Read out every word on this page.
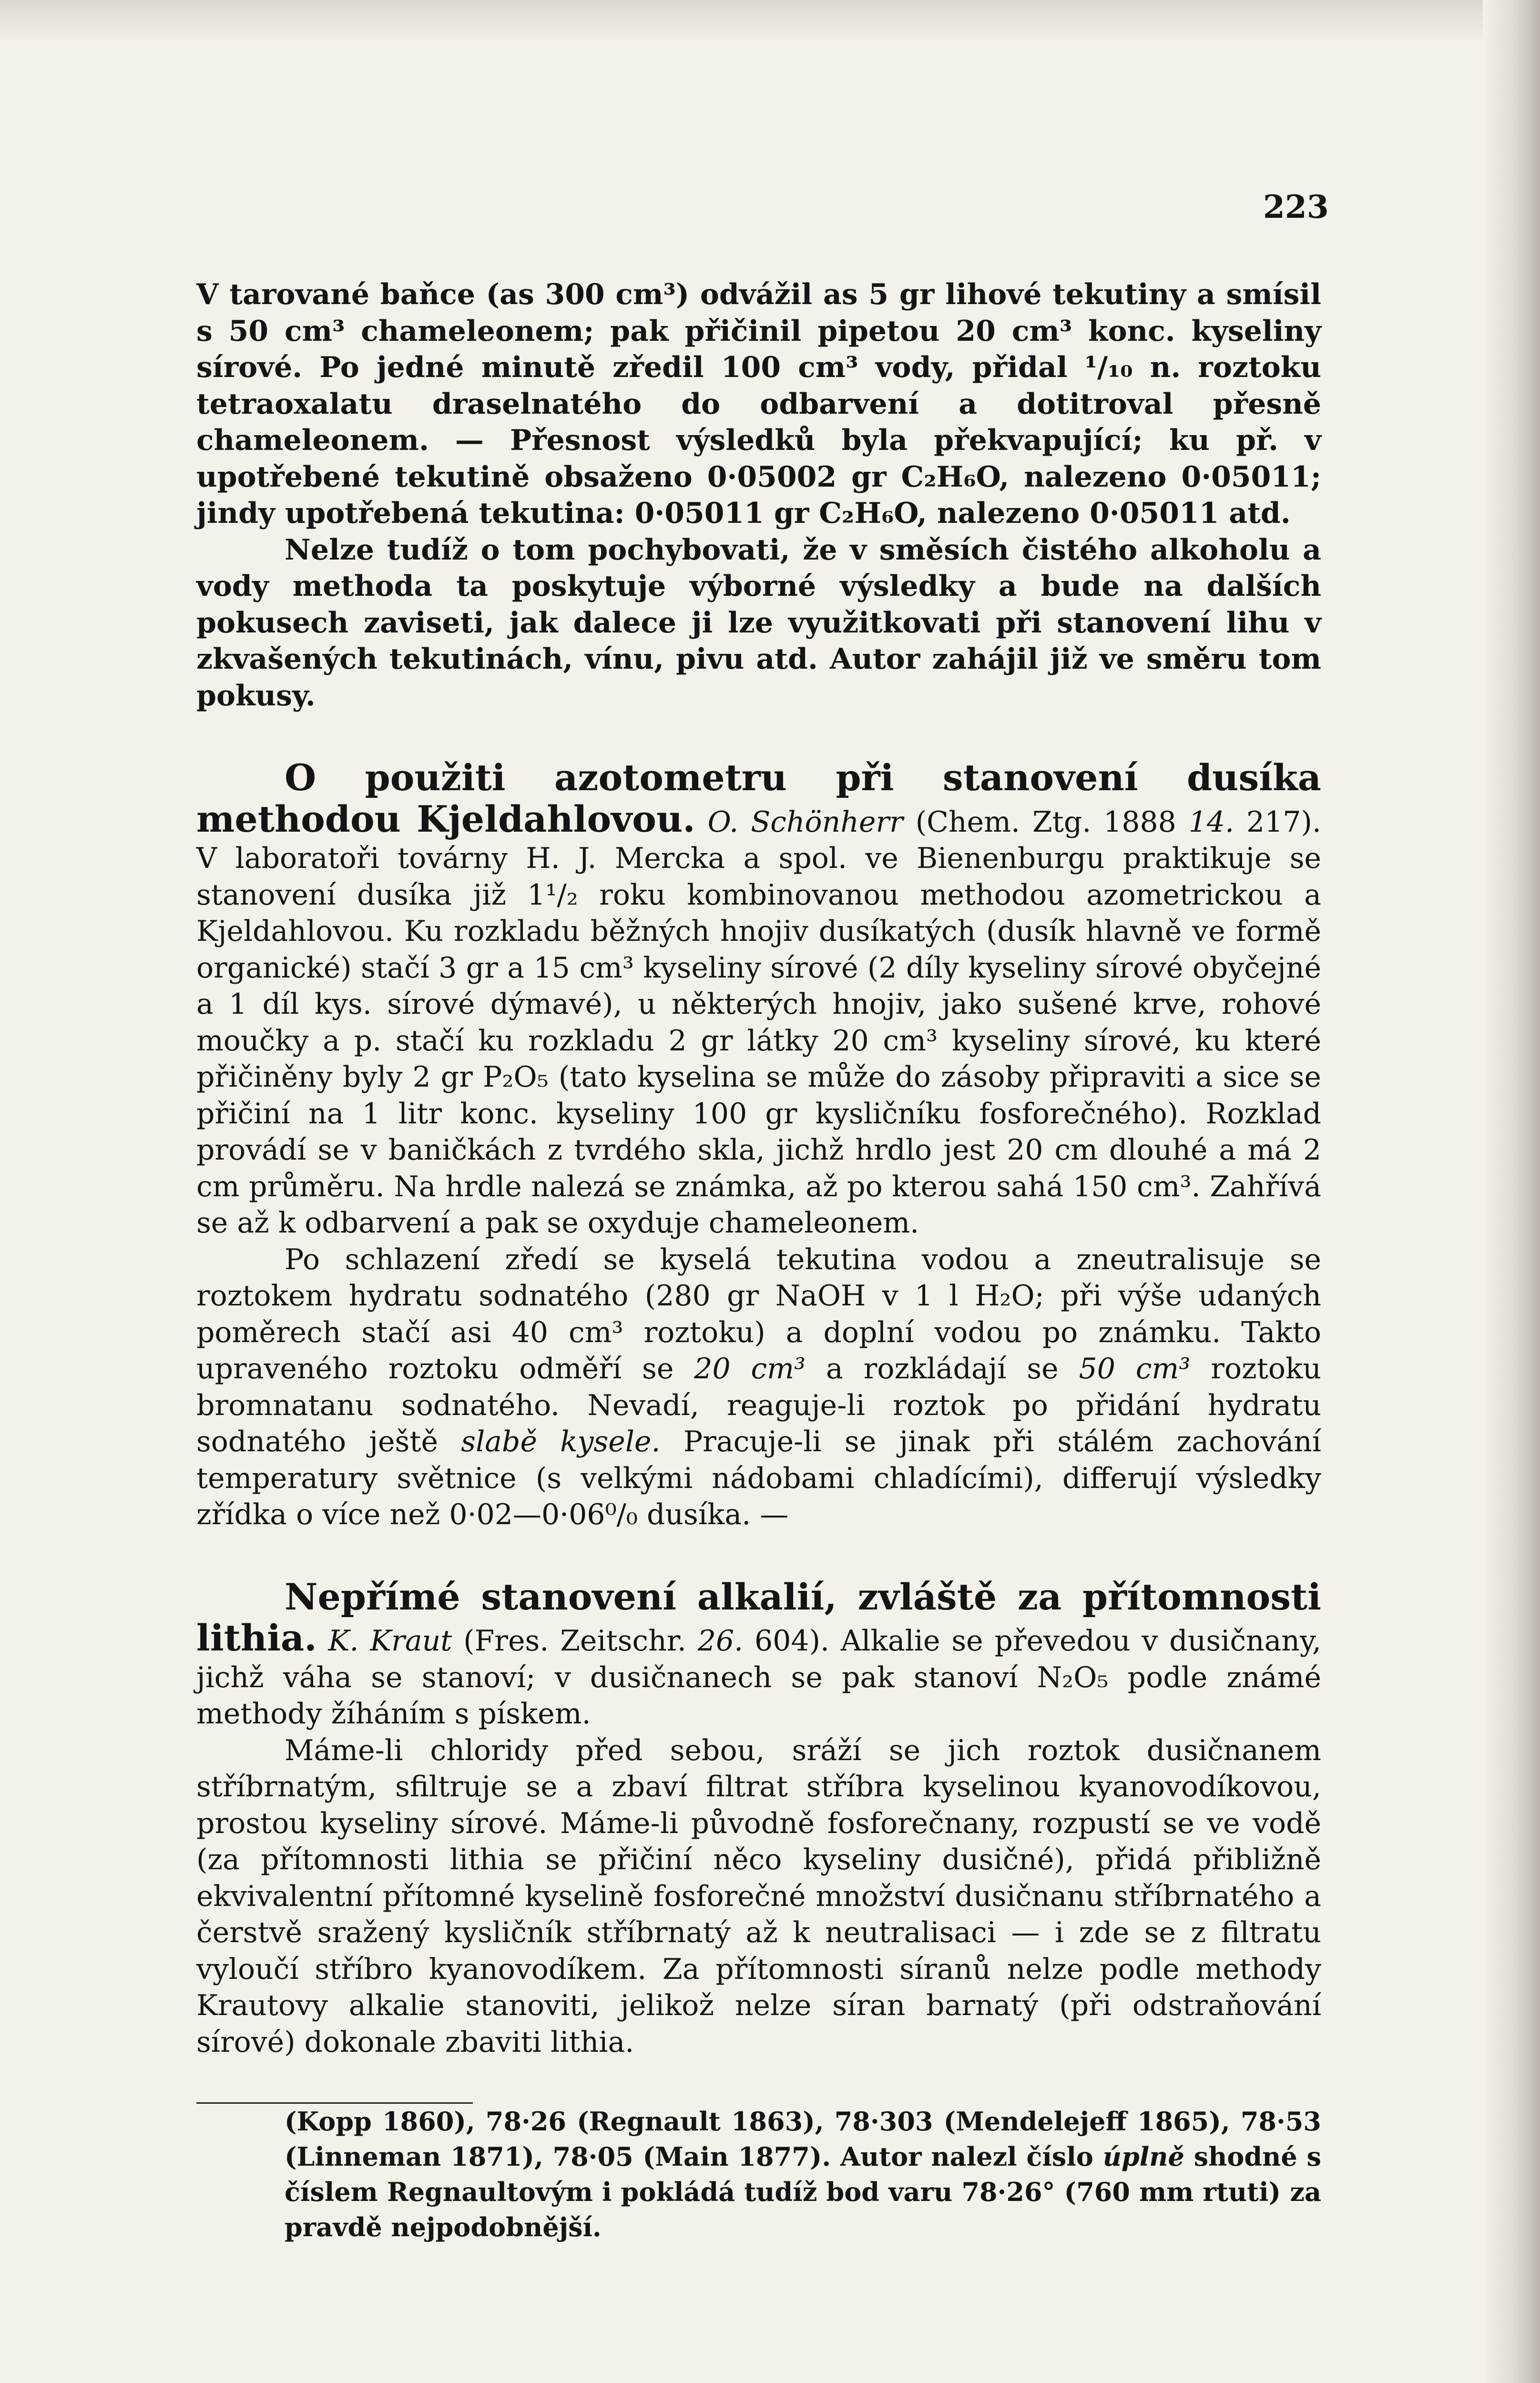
223

V tarované baňce (as 300 cm³) odvážil as 5 gr lihové tekutiny a smísil s 50 cm³ chameleonem; pak přičinil pipetou 20 cm³ konc. kyseliny sírové. Po jedné minutě zředil 100 cm³ vody, přidal ¹/₁₀ n. roztoku tetraoxalatu draselnatého do odbarvení a dotitroval přesně chameleonem. — Přesnost výsledků byla překvapující; ku př. v upotřebené tekutině obsaženo 0·05002 gr C₂H₆O, nalezeno 0·05011; jindy upotřebená tekutina: 0·05011 gr C₂H₆O, nalezeno 0·05011 atd.

Nelze tudíž o tom pochybovati, že v směsích čistého alkoholu a vody methoda ta poskytuje výborné výsledky a bude na dalších pokusech zaviseti, jak dalece ji lze využitkovati při stanovení lihu v zkvašených tekutinách, vínu, pivu atd. Autor zahájil již ve směru tom pokusy.

O použiti azotometru při stanovení dusíka methodou Kjeldahlovou. O. Schönherr (Chem. Ztg. 1888 14. 217). V laboratoři továrny H. J. Mercka a spol. ve Bienenburgu praktikuje se stanovení dusíka již 1¹/₂ roku kombinovanou methodou azometrickou a Kjeldahlovou. Ku rozkladu běžných hnojiv dusíkatých (dusík hlavně ve formě organické) stačí 3 gr a 15 cm³ kyseliny sírové (2 díly kyseliny sírové obyčejné a 1 díl kys. sírové dýmavé), u některých hnojiv, jako sušené krve, rohové moučky a p. stačí ku rozkladu 2 gr látky 20 cm³ kyseliny sírové, ku které přičiněny byly 2 gr P₂O₅ (tato kyselina se může do zásoby připraviti a sice se přičiní na 1 litr konc. kyseliny 100 gr kysličníku fosforečného). Rozklad provádí se v baničkách z tvrdého skla, jichž hrdlo jest 20 cm dlouhé a má 2 cm průměru. Na hrdle nalezá se známka, až po kterou sahá 150 cm³. Zahřívá se až k odbarvení a pak se oxyduje chameleonem.

Po schlazení zředí se kyselá tekutina vodou a zneutralisuje se roztokem hydratu sodnatého (280 gr NaOH v 1 l H₂O; při výše udaných poměrech stačí asi 40 cm³ roztoku) a doplní vodou po známku. Takto upraveného roztoku odměří se 20 cm³ a rozkládají se 50 cm³ roztoku bromnatanu sodnatého. Nevadí, reaguje-li roztok po přidání hydratu sodnatého ještě slabě kysele. Pracuje-li se jinak při stálém zachování temperatury světnice (s velkými nádobami chladícími), differují výsledky zřídka o více než 0·02—0·06⁰/₀ dusíka. —

Nepřímé stanovení alkalií, zvláště za přítomnosti lithia. K. Kraut (Fres. Zeitschr. 26. 604). Alkalie se převedou v dusičnany, jichž váha se stanoví; v dusičnanech se pak stanoví N₂O₅ podle známé methody žíháním s pískem.

Máme-li chloridy před sebou, sráží se jich roztok dusičnanem stříbrnatým, sfiltruje se a zbaví filtrat stříbra kyselinou kyanovodíkovou, prostou kyseliny sírové. Máme-li původně fosforečnany, rozpustí se ve vodě (za přítomnosti lithia se přičiní něco kyseliny dusičné), přidá přibližně ekvivalentní přítomné kyselině fosforečné množství dusičnanu stříbrnatého a čerstvě sražený kysličník stříbrnatý až k neutralisaci — i zde se z filtratu vyloučí stříbro kyanovodíkem. Za přítomnosti síranů nelze podle methody Krautovy alkalie stanoviti, jelikož nelze síran barnatý (při odstraňování sírové) dokonale zbaviti lithia.

(Kopp 1860), 78·26 (Regnault 1863), 78·303 (Mendelejeff 1865), 78·53 (Linneman 1871), 78·05 (Main 1877). Autor nalezl číslo úplně shodné s číslem Regnaultovým i pokládá tudíž bod varu 78·26° (760 mm rtuti) za pravdě nejpodobnější.
